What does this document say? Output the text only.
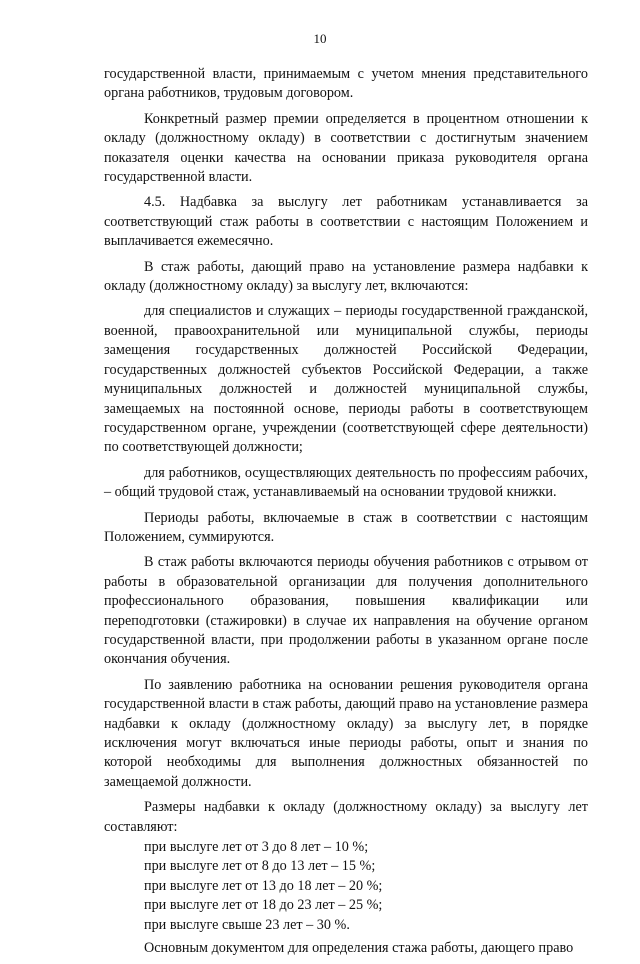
10

государственной власти, принимаемым с учетом мнения представительного органа работников, трудовым договором.

Конкретный размер премии определяется в процентном отношении к окладу (должностному окладу) в соответствии с достигнутым значением показателя оценки качества на основании приказа руководителя органа государственной власти.

4.5. Надбавка за выслугу лет работникам устанавливается за соответствующий стаж работы в соответствии с настоящим Положением и выплачивается ежемесячно.

В стаж работы, дающий право на установление размера надбавки к окладу (должностному окладу) за выслугу лет, включаются:

для специалистов и служащих – периоды государственной гражданской, военной, правоохранительной или муниципальной службы, периоды замещения государственных должностей Российской Федерации, государственных должностей субъектов Российской Федерации, а также муниципальных должностей и должностей муниципальной службы, замещаемых на постоянной основе, периоды работы в соответствующем государственном органе, учреждении (соответствующей сфере деятельности) по соответствующей должности;

для работников, осуществляющих деятельность по профессиям рабочих, – общий трудовой стаж, устанавливаемый на основании трудовой книжки.

Периоды работы, включаемые в стаж в соответствии с настоящим Положением, суммируются.

В стаж работы включаются периоды обучения работников с отрывом от работы в образовательной организации для получения дополнительного профессионального образования, повышения квалификации или переподготовки (стажировки) в случае их направления на обучение органом государственной власти, при продолжении работы в указанном органе после окончания обучения.

По заявлению работника на основании решения руководителя органа государственной власти в стаж работы, дающий право на установление размера надбавки к окладу (должностному окладу) за выслугу лет, в порядке исключения могут включаться иные периоды работы, опыт и знания по которой необходимы для выполнения должностных обязанностей по замещаемой должности.

Размеры надбавки к окладу (должностному окладу) за выслугу лет составляют:

при выслуге лет от 3 до 8 лет – 10 %;

при выслуге лет от 8 до 13 лет – 15 %;

при выслуге лет от 13 до 18 лет – 20 %;

при выслуге лет от 18 до 23 лет – 25 %;

при выслуге свыше 23 лет – 30 %.

Основным документом для определения стажа работы, дающего право
